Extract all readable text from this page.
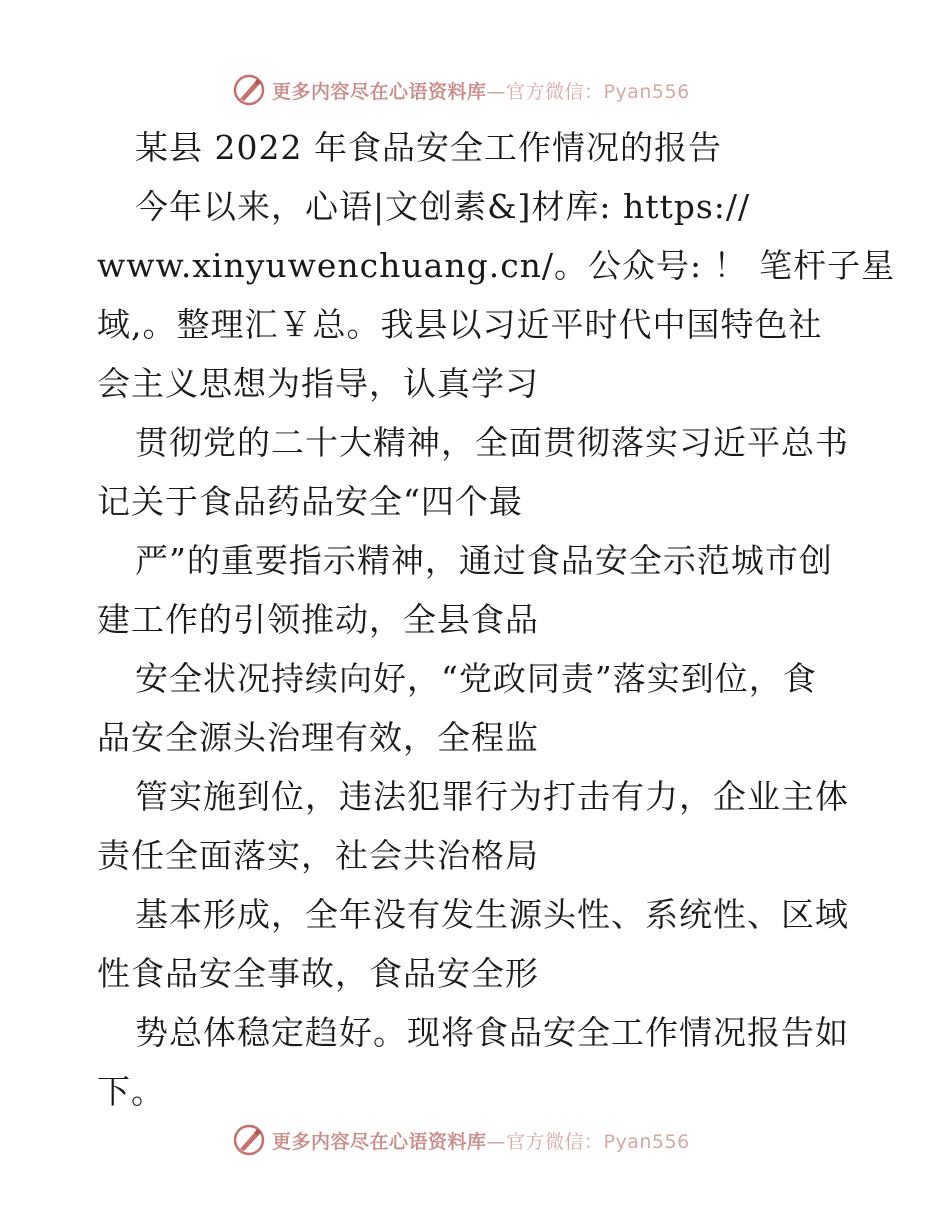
更多内容尽在心语资料库—官方微信：Pyan556
某县 2022 年食品安全工作情况的报告
今年以来，心语|文创素&]材库: https://
www.xinyuwenchuang.cn/。公众号: ！ 笔杆子星
域,。整理汇￥总。我县以习近平时代中国特色社
会主义思想为指导，认真学习
贯彻党的二十大精神，全面贯彻落实习近平总书
记关于食品药品安全“四个最
严”的重要指示精神，通过食品安全示范城市创
建工作的引领推动，全县食品
安全状况持续向好，“党政同责”落实到位，食
品安全源头治理有效，全程监
管实施到位，违法犯罪行为打击有力，企业主体
责任全面落实，社会共治格局
基本形成，全年没有发生源头性、系统性、区域
性食品安全事故，食品安全形
势总体稳定趋好。现将食品安全工作情况报告如
下。
更多内容尽在心语资料库—官方微信：Pyan556
